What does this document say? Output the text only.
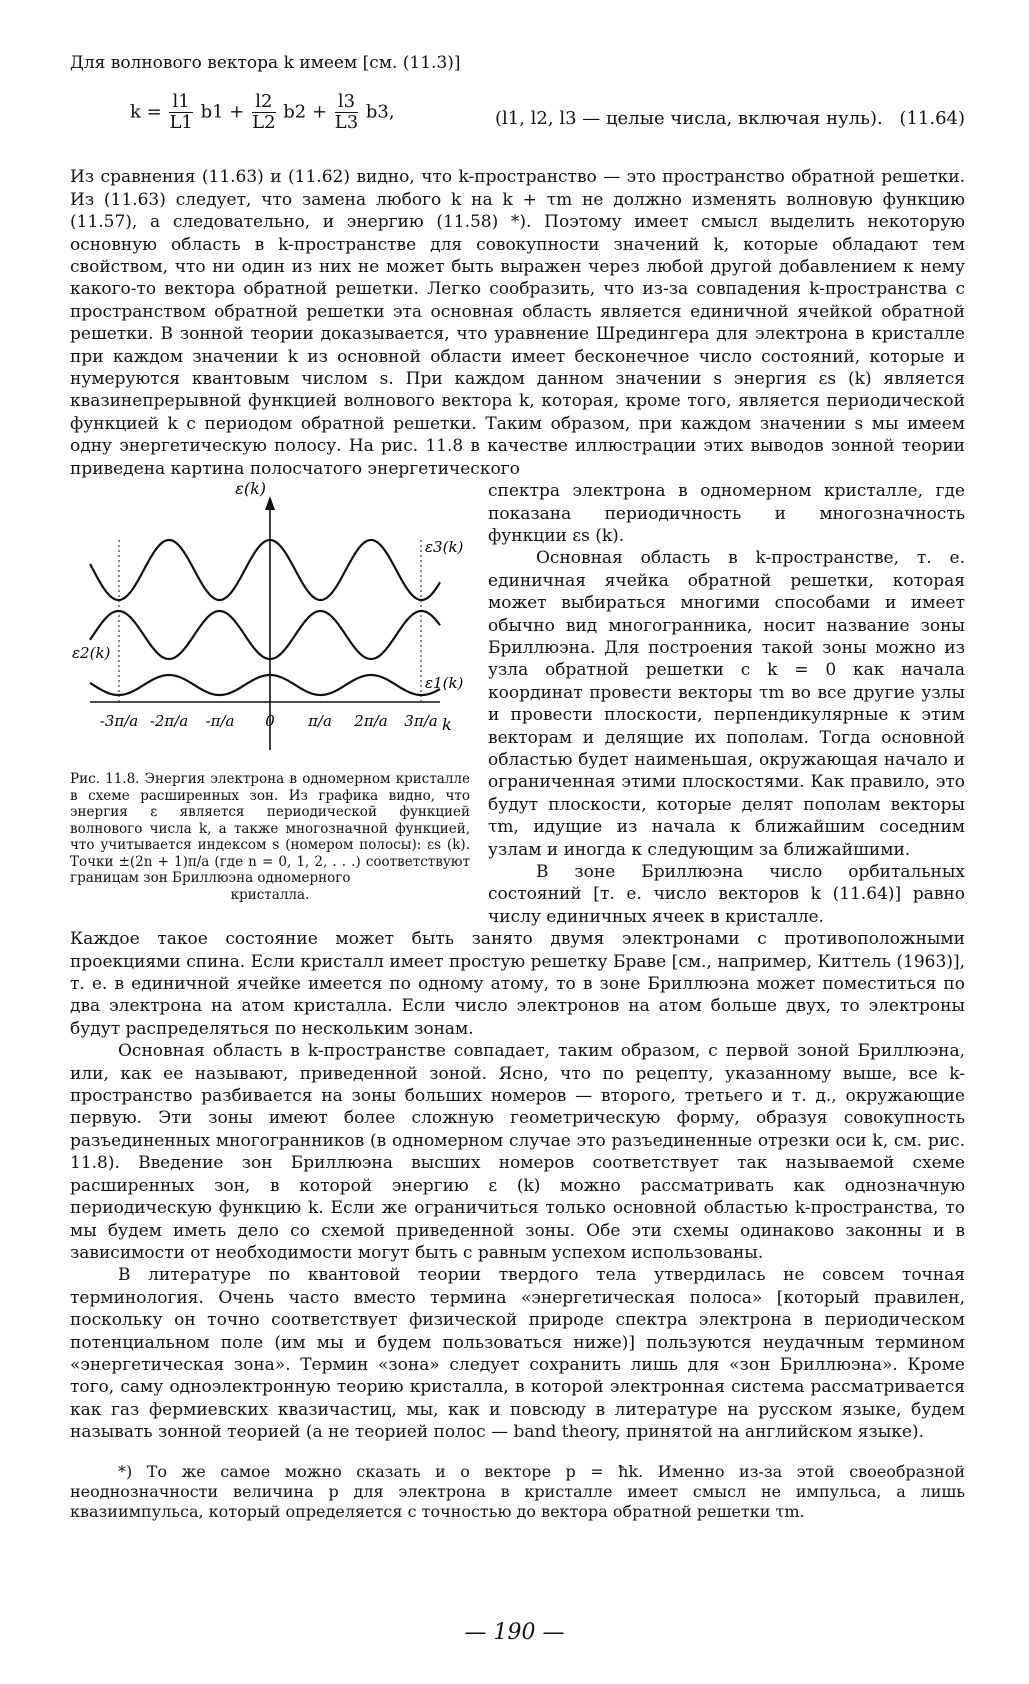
Для волнового вектора k имеем [см. (11.3)]

$k = \frac{l1}{L1} b1 + \frac{l2}{L2} b2 + \frac{l3}{L3} b3$,	(l1, l2, l3 — целые числа, включая нуль). (11.64)

Из сравнения (11.63) и (11.62) видно, что k-пространство — это пространство обратной решетки. Из (11.63) следует, что замена любого k на k + τm не должно изменять волновую функцию (11.57), а следовательно, и энергию (11.58) *). Поэтому имеет смысл выделить некоторую основную область в k-пространстве для совокупности значений k, которые обладают тем свойством, что ни один из них не может быть выражен через любой другой добавлением к нему какого-то вектора обратной решетки. Легко сообразить, что из-за совпадения k-пространства с пространством обратной решетки эта основная область является единичной ячейкой обратной решетки. В зонной теории доказывается, что уравнение Шредингера для электрона в кристалле при каждом значении k из основной области имеет бесконечное число состояний, которые и нумеруются квантовым числом s. При каждом данном значении s энергия εs (k) является квазинепрерывной функцией волнового вектора k, которая, кроме того, является периодической функцией k с периодом обратной решетки. Таким образом, при каждом значении s мы имеем одну энергетическую полосу. На рис. 11.8 в качестве иллюстрации этих выводов зонной теории приведена картина полосчатого энергетического

ε(k)
ε3(k)
ε2(k)
ε1(k)
k
-3π/a -2π/a -π/a 0 π/a 2π/a 3π/a
Рис. 11.8. Энергия электрона в одномерном кристалле в схеме расширенных зон. Из графика видно, что энергия ε является периодической функцией волнового числа k, а также многозначной функцией, что учитывается индексом s (номером полосы): εs (k). Точки ±(2n + 1)π/a (где n = 0, 1, 2, . . .) соответствуют границам зон Бриллюэна одномерного
кристалла.

спектра электрона в одномерном кристалле, где показана периодичность и многозначность функции εs (k).

Основная область в k-пространстве, т. е. единичная ячейка обратной решетки, которая может выбираться многими способами и имеет обычно вид многогранника, носит название зоны Бриллюэна. Для построения такой зоны можно из узла обратной решетки с k = 0 как начала координат провести векторы τm во все другие узлы и провести плоскости, перпендикулярные к этим векторам и делящие их пополам. Тогда основной областью будет наименьшая, окружающая начало и ограниченная этими плоскостями. Как правило, это будут плоскости, которые делят пополам векторы τm, идущие из начала к ближайшим соседним узлам и иногда к следующим за ближайшими.

В зоне Бриллюэна число орбитальных состояний [т. е. число векторов k (11.64)] равно числу единичных ячеек в кристалле.

Каждое такое состояние может быть занято двумя электронами с противоположными проекциями спина. Если кристалл имеет простую решетку Браве [см., например, Киттель (1963)], т. е. в единичной ячейке имеется по одному атому, то в зоне Бриллюэна может поместиться по два электрона на атом кристалла. Если число электронов на атом больше двух, то электроны будут распределяться по нескольким зонам.

Основная область в k-пространстве совпадает, таким образом, с первой зоной Бриллюэна, или, как ее называют, приведенной зоной. Ясно, что по рецепту, указанному выше, все k-пространство разбивается на зоны больших номеров — второго, третьего и т. д., окружающие первую. Эти зоны имеют более сложную геометрическую форму, образуя совокупность разъединенных многогранников (в одномерном случае это разъединенные отрезки оси k, см. рис. 11.8). Введение зон Бриллюэна высших номеров соответствует так называемой схеме расширенных зон, в которой энергию ε (k) можно рассматривать как однозначную периодическую функцию k. Если же ограничиться только основной областью k-пространства, то мы будем иметь дело со схемой приведенной зоны. Обе эти схемы одинаково законны и в зависимости от необходимости могут быть с равным успехом использованы.

В литературе по квантовой теории твердого тела утвердилась не совсем точная терминология. Очень часто вместо термина «энергетическая полоса» [который правилен, поскольку он точно соответствует физической природе спектра электрона в периодическом потенциальном поле (им мы и будем пользоваться ниже)] пользуются неудачным термином «энергетическая зона». Термин «зона» следует сохранить лишь для «зон Бриллюэна». Кроме того, саму одноэлектронную теорию кристалла, в которой электронная система рассматривается как газ фермиевских квазичастиц, мы, как и повсюду в литературе на русском языке, будем называть зонной теорией (а не теорией полос — band theory, принятой на английском языке).

*) То же самое можно сказать и о векторе p = ħk. Именно из-за этой своеобразной неоднозначности величина p для электрона в кристалле имеет смысл не импульса, а лишь квазиимпульса, который определяется с точностью до вектора обратной решетки τm.

— 190 —
